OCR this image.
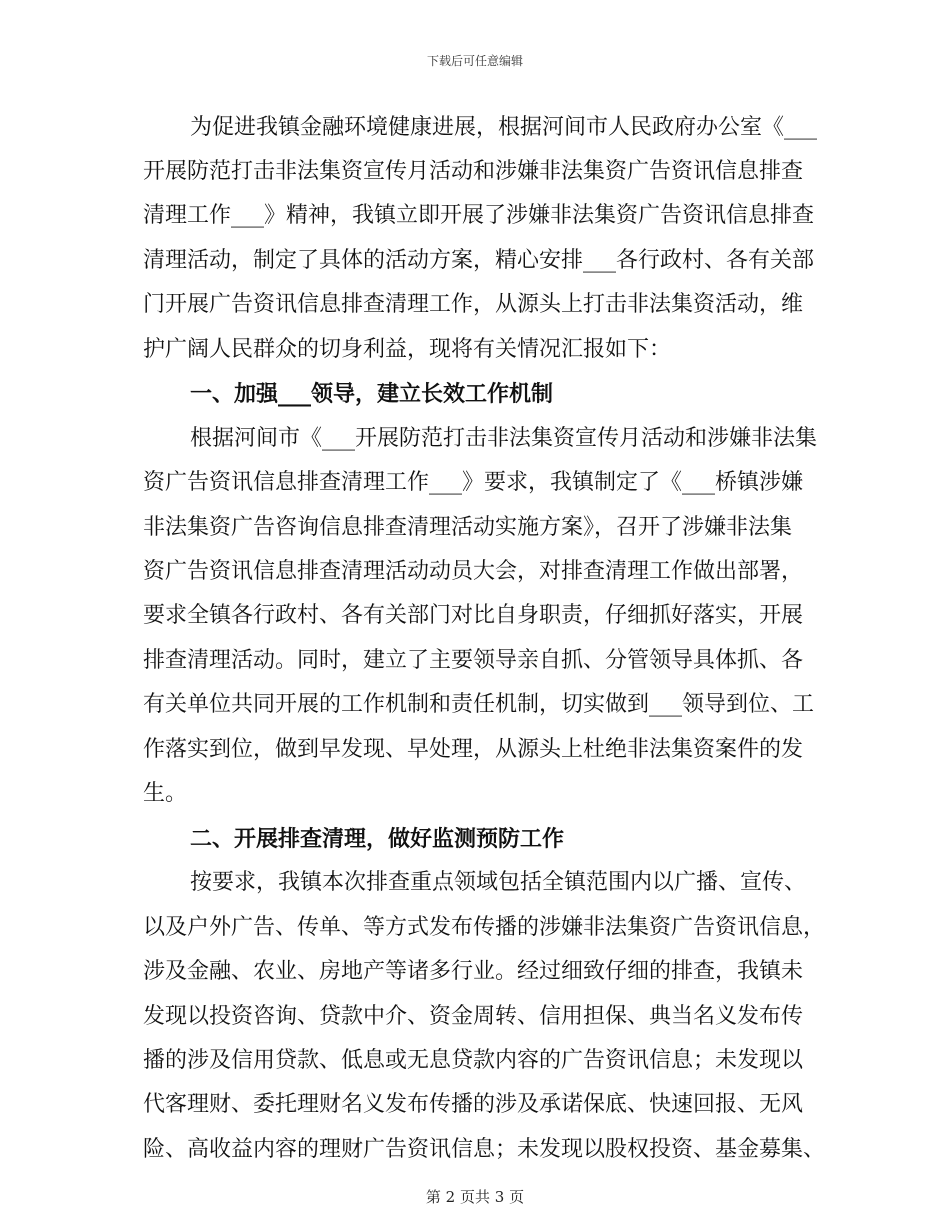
下载后可任意编辑
为促进我镇金融环境健康进展，根据河间市人民政府办公室《___
开展防范打击非法集资宣传月活动和涉嫌非法集资广告资讯信息排查
清理工作___》精神，我镇立即开展了涉嫌非法集资广告资讯信息排查
清理活动，制定了具体的活动方案，精心安排___各行政村、各有关部
门开展广告资讯信息排查清理工作，从源头上打击非法集资活动，维
护广阔人民群众的切身利益，现将有关情况汇报如下：
一、加强___领导，建立长效工作机制
根据河间市《___开展防范打击非法集资宣传月活动和涉嫌非法集
资广告资讯信息排查清理工作___》要求，我镇制定了《___桥镇涉嫌
非法集资广告咨询信息排查清理活动实施方案》，召开了涉嫌非法集
资广告资讯信息排查清理活动动员大会，对排查清理工作做出部署，
要求全镇各行政村、各有关部门对比自身职责，仔细抓好落实，开展
排查清理活动。同时，建立了主要领导亲自抓、分管领导具体抓、各
有关单位共同开展的工作机制和责任机制，切实做到___领导到位、工
作落实到位，做到早发现、早处理，从源头上杜绝非法集资案件的发
生。
二、开展排查清理，做好监测预防工作
按要求，我镇本次排查重点领域包括全镇范围内以广播、宣传、
以及户外广告、传单、等方式发布传播的涉嫌非法集资广告资讯信息，
涉及金融、农业、房地产等诸多行业。经过细致仔细的排查，我镇未
发现以投资咨询、贷款中介、资金周转、信用担保、典当名义发布传
播的涉及信用贷款、低息或无息贷款内容的广告资讯信息；未发现以
代客理财、委托理财名义发布传播的涉及承诺保底、快速回报、无风
险、高收益内容的理财广告资讯信息；未发现以股权投资、基金募集、
第 2 页共 3 页
